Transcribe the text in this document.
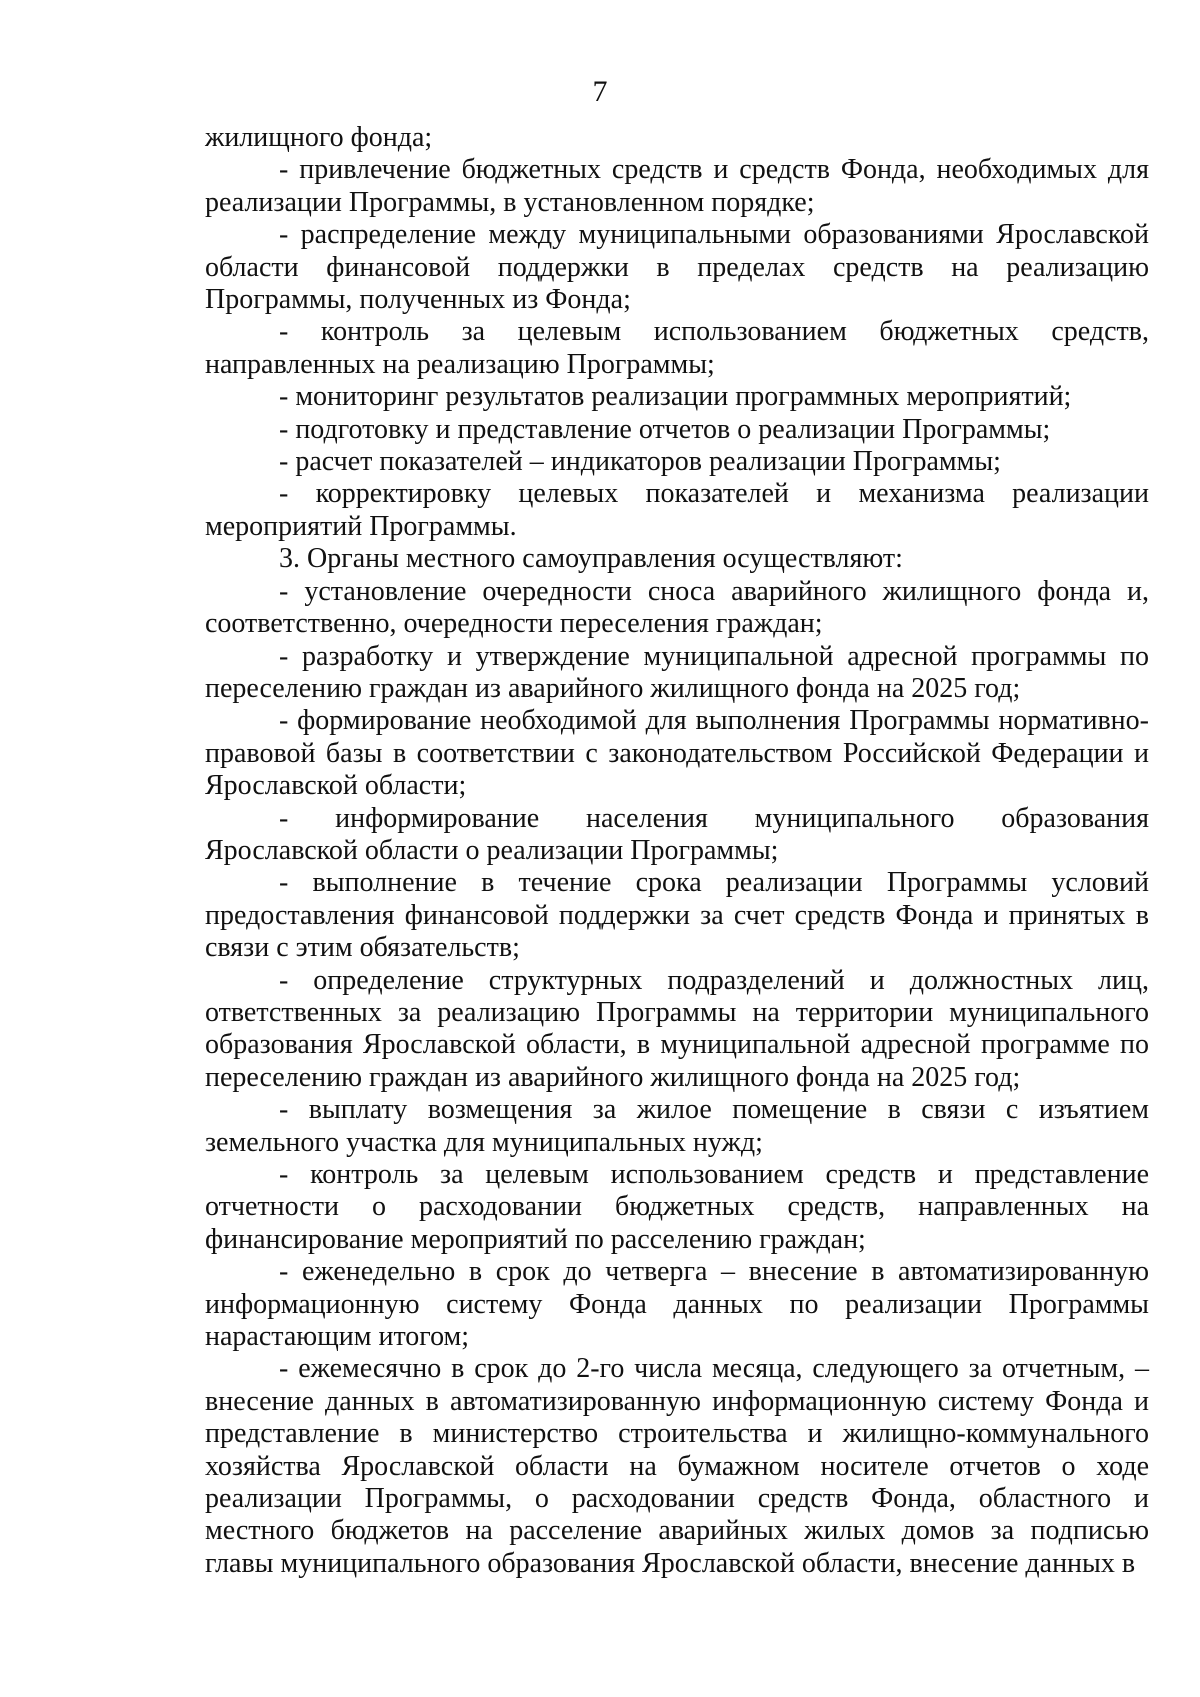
7

жилищного фонда;

- привлечение бюджетных средств и средств Фонда, необходимых для реализации Программы, в установленном порядке;

- распределение между муниципальными образованиями Ярославской области финансовой поддержки в пределах средств на реализацию Программы, полученных из Фонда;

- контроль за целевым использованием бюджетных средств, направленных на реализацию Программы;

- мониторинг результатов реализации программных мероприятий;

- подготовку и представление отчетов о реализации Программы;

- расчет показателей – индикаторов реализации Программы;

- корректировку целевых показателей и механизма реализации мероприятий Программы.

3. Органы местного самоуправления осуществляют:

- установление очередности сноса аварийного жилищного фонда и, соответственно, очередности переселения граждан;

- разработку и утверждение муниципальной адресной программы по переселению граждан из аварийного жилищного фонда на 2025 год;

- формирование необходимой для выполнения Программы нормативно-правовой базы в соответствии с законодательством Российской Федерации и Ярославской области;

- информирование населения муниципального образования Ярославской области о реализации Программы;

- выполнение в течение срока реализации Программы условий предоставления финансовой поддержки за счет средств Фонда и принятых в связи с этим обязательств;

- определение структурных подразделений и должностных лиц, ответственных за реализацию Программы на территории муниципального образования Ярославской области, в муниципальной адресной программе по переселению граждан из аварийного жилищного фонда на 2025 год;

- выплату возмещения за жилое помещение в связи с изъятием земельного участка для муниципальных нужд;

- контроль за целевым использованием средств и представление отчетности о расходовании бюджетных средств, направленных на финансирование мероприятий по расселению граждан;

- еженедельно в срок до четверга – внесение в автоматизированную информационную систему Фонда данных по реализации Программы нарастающим итогом;

- ежемесячно в срок до 2-го числа месяца, следующего за отчетным, – внесение данных в автоматизированную информационную систему Фонда и представление в министерство строительства и жилищно-коммунального хозяйства Ярославской области на бумажном носителе отчетов о ходе реализации Программы, о расходовании средств Фонда, областного и местного бюджетов на расселение аварийных жилых домов за подписью главы муниципального образования Ярославской области, внесение данных в
